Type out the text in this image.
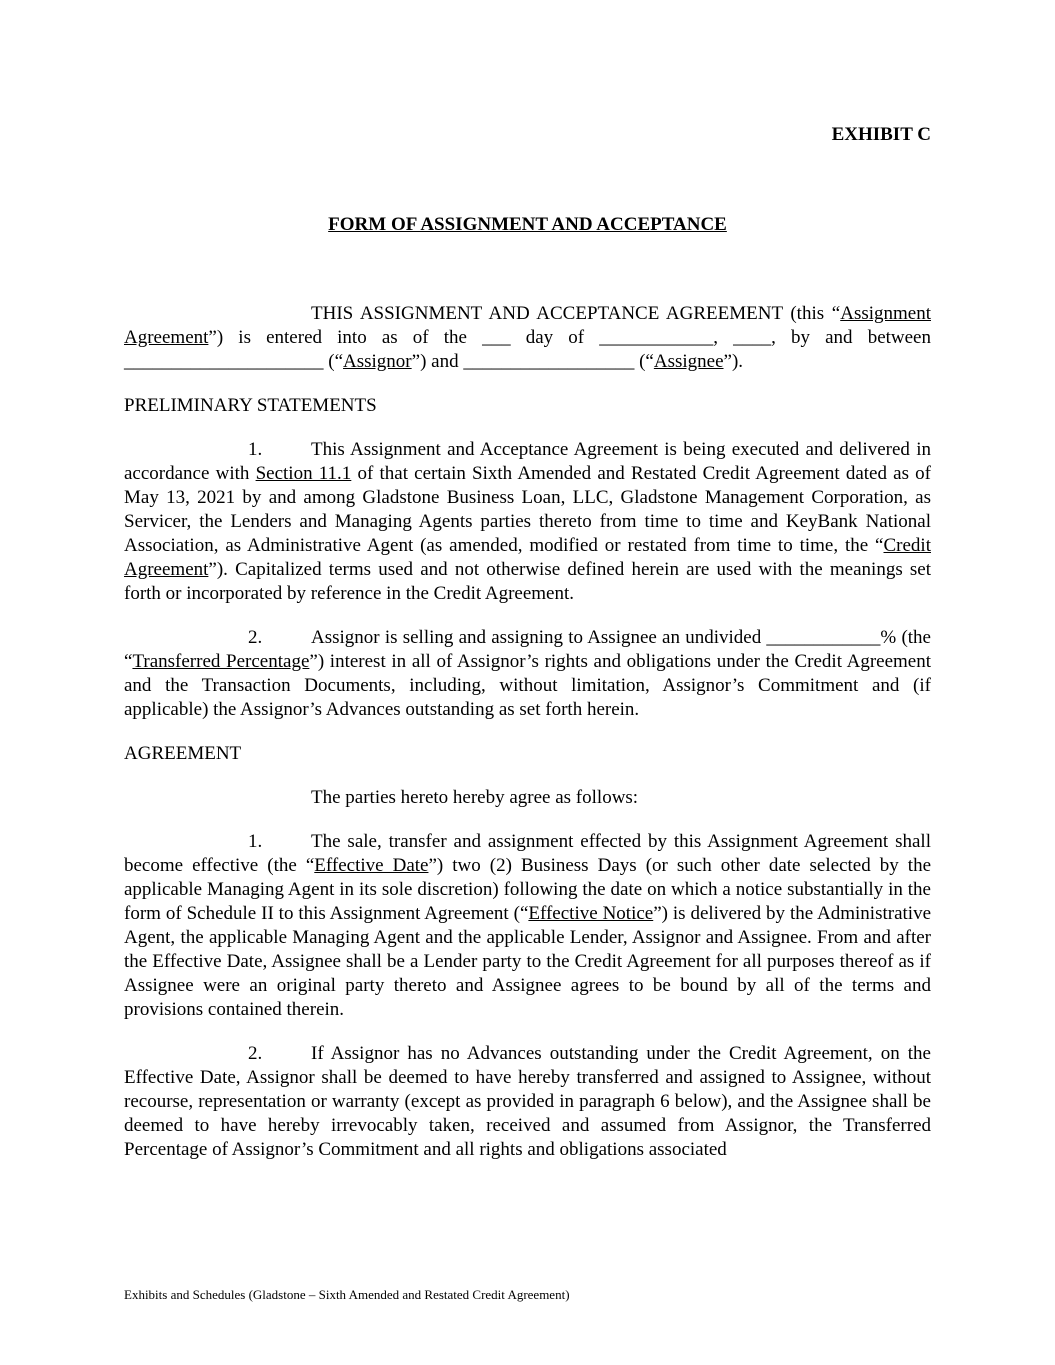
EXHIBIT C
FORM OF ASSIGNMENT AND ACCEPTANCE

THIS ASSIGNMENT AND ACCEPTANCE AGREEMENT (this “Assignment Agreement”) is entered into as of the ___ day of ____________, ____, by and between _____________________ (“Assignor”) and __________________ (“Assignee”).

PRELIMINARY STATEMENTS

1.	This Assignment and Acceptance Agreement is being executed and delivered in accordance with Section 11.1 of that certain Sixth Amended and Restated Credit Agreement dated as of May 13, 2021 by and among Gladstone Business Loan, LLC, Gladstone Management Corporation, as Servicer, the Lenders and Managing Agents parties thereto from time to time and KeyBank National Association, as Administrative Agent (as amended, modified or restated from time to time, the “Credit Agreement”). Capitalized terms used and not otherwise defined herein are used with the meanings set forth or incorporated by reference in the Credit Agreement.

2.	Assignor is selling and assigning to Assignee an undivided ____________% (the “Transferred Percentage”) interest in all of Assignor’s rights and obligations under the Credit Agreement and the Transaction Documents, including, without limitation, Assignor’s Commitment and (if applicable) the Assignor’s Advances outstanding as set forth herein.

AGREEMENT

The parties hereto hereby agree as follows:

1.	The sale, transfer and assignment effected by this Assignment Agreement shall become effective (the “Effective Date”) two (2) Business Days (or such other date selected by the applicable Managing Agent in its sole discretion) following the date on which a notice substantially in the form of Schedule II to this Assignment Agreement (“Effective Notice”) is delivered by the Administrative Agent, the applicable Managing Agent and the applicable Lender, Assignor and Assignee. From and after the Effective Date, Assignee shall be a Lender party to the Credit Agreement for all purposes thereof as if Assignee were an original party thereto and Assignee agrees to be bound by all of the terms and provisions contained therein.

2.	If Assignor has no Advances outstanding under the Credit Agreement, on the Effective Date, Assignor shall be deemed to have hereby transferred and assigned to Assignee, without recourse, representation or warranty (except as provided in paragraph 6 below), and the Assignee shall be deemed to have hereby irrevocably taken, received and assumed from Assignor, the Transferred Percentage of Assignor’s Commitment and all rights and obligations associated

Exhibits and Schedules (Gladstone – Sixth Amended and Restated Credit Agreement)
